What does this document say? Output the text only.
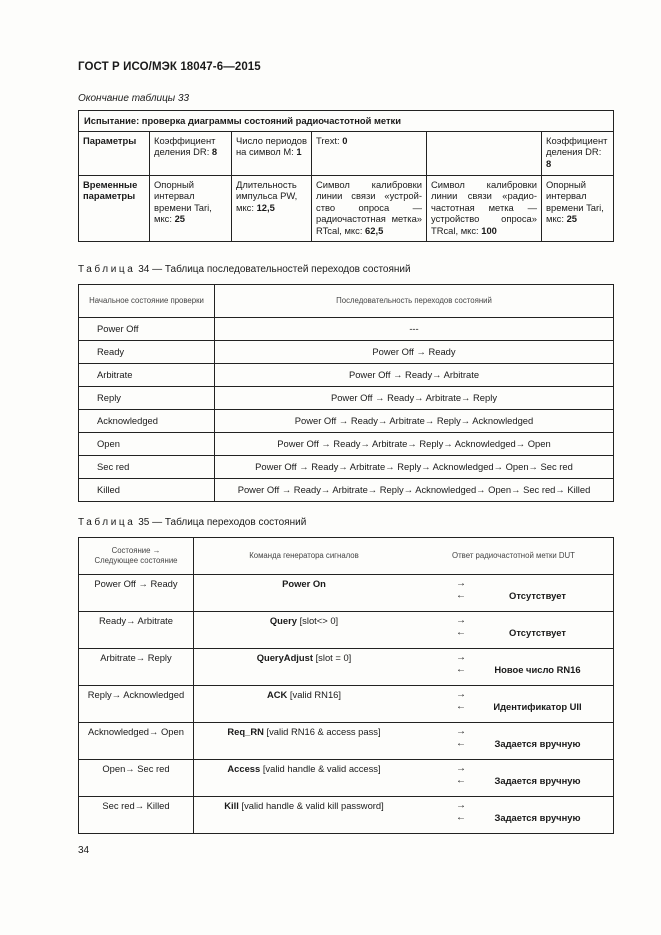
ГОСТ Р ИСО/МЭК 18047-6—2015
Окончание таблицы 33
Испытание: проверка диаграммы состояний радиочастотной метки					
Параметры	Коэффициент деления DR: 8	Число периодов на символ M: 1	Trext: 0		Коэффициент деления DR: 8
Временные параметры	Опорный интервал времени Tari, мкс: 25	Длительность импульса PW, мкс: 12,5	Символ калибровки линии связи «устройство опроса — радиочастотная метка» RTcal, мкс: 62,5	Символ калибровки линии связи «радиочастотная метка — устройство опроса» TRcal, мкс: 100	Опорный интервал времени Tari, мкс: 25
Таблица 34 — Таблица последовательностей переходов состояний
Начальное состояние проверки	Последовательность переходов состояний
Power Off	---
Ready	Power Off → Ready
Arbitrate	Power Off → Ready→ Arbitrate
Reply	Power Off → Ready→ Arbitrate→ Reply
Acknowledged	Power Off → Ready→ Arbitrate→ Reply→ Acknowledged
Open	Power Off → Ready→ Arbitrate→ Reply→ Acknowledged→ Open
Seс red	Power Off → Ready→ Arbitrate→ Reply→ Acknowledged→ Open→ Seс red
Killed	Power Off → Ready→ Arbitrate→ Reply→ Acknowledged→ Open→ Seс red→ Killed
Таблица 35 — Таблица переходов состояний
Состояние →
Следующее состояние	Команда генератора сигналов	Ответ радиочастотной метки DUT
Power Off → Ready	Power On	→
← Отсутствует

Ready→ Arbitrate	Query [slot<> 0]	→
← Отсутствует

Arbitrate→ Reply	QueryAdjust [slot = 0]	→
← Новое число RN16

Reply→ Acknowledged	ACK [valid RN16]	→
← Идентификатор UII

Acknowledged→ Open	Req_RN [valid RN16 & access pass]	→
← Задается вручную

Open→ Seс red	Access [valid handle & valid access]	→
← Задается вручную

Seс red→ Killed	Kill [valid handle & valid kill password]	→
← Задается вручную
34
